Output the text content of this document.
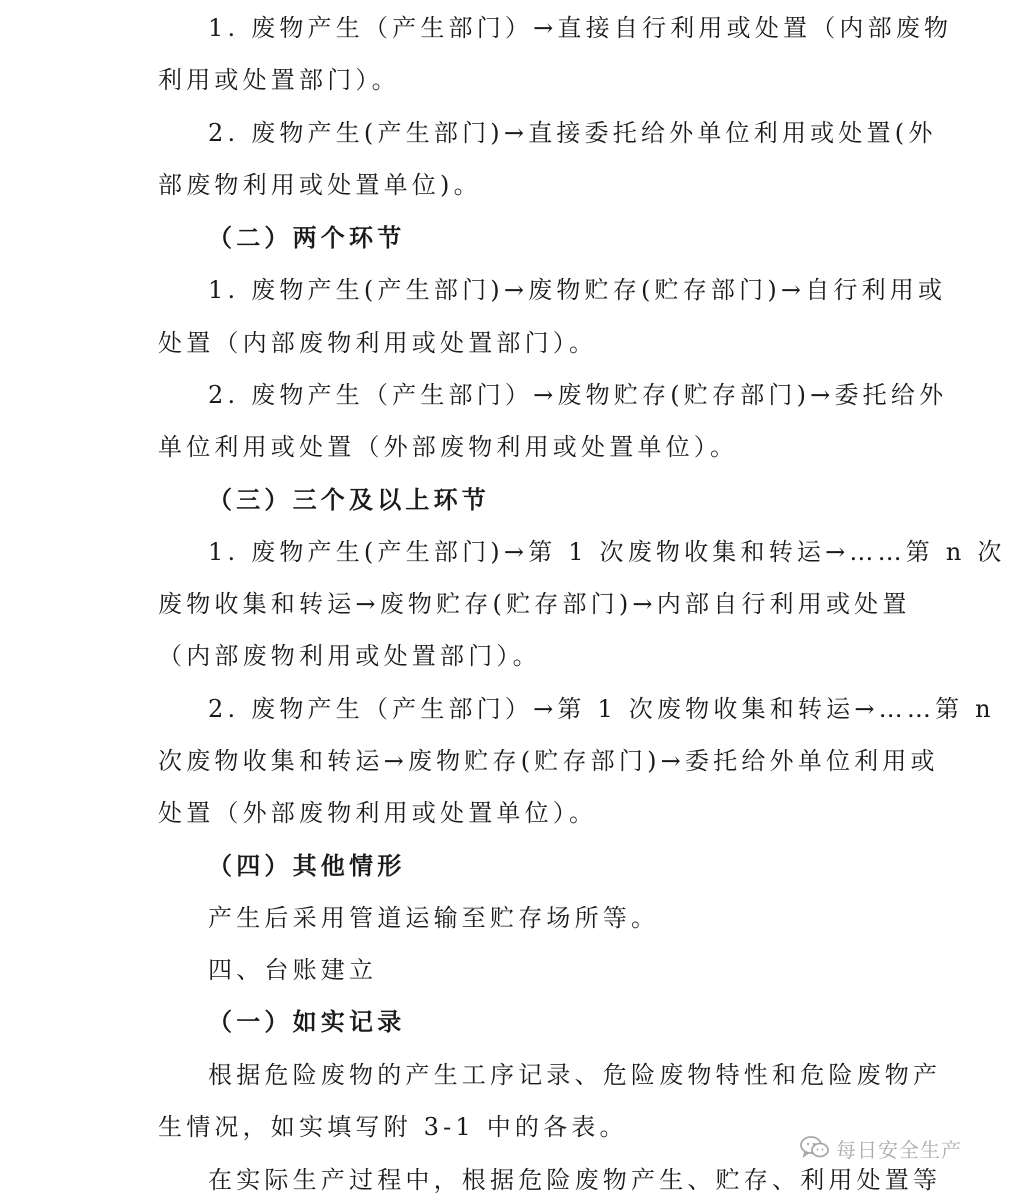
1. 废物产生（产生部门）→直接自行利用或处置（内部废物
利用或处置部门）。
2. 废物产生(产生部门)→直接委托给外单位利用或处置(外
部废物利用或处置单位)。
（二）两个环节
1. 废物产生(产生部门)→废物贮存(贮存部门)→自行利用或
处置（内部废物利用或处置部门）。
2. 废物产生（产生部门）→废物贮存(贮存部门)→委托给外
单位利用或处置（外部废物利用或处置单位）。
（三）三个及以上环节
1. 废物产生(产生部门)→第 1 次废物收集和转运→……第 n 次
废物收集和转运→废物贮存(贮存部门)→内部自行利用或处置
（内部废物利用或处置部门）。
2. 废物产生（产生部门）→第 1 次废物收集和转运→……第 n
次废物收集和转运→废物贮存(贮存部门)→委托给外单位利用或
处置（外部废物利用或处置单位）。
（四）其他情形
产生后采用管道运输至贮存场所等。
四、台账建立
（一）如实记录
根据危险废物的产生工序记录、危险废物特性和危险废物产
生情况，如实填写附 3-1 中的各表。
在实际生产过程中，根据危险废物产生、贮存、利用处置等
每日安全生产
